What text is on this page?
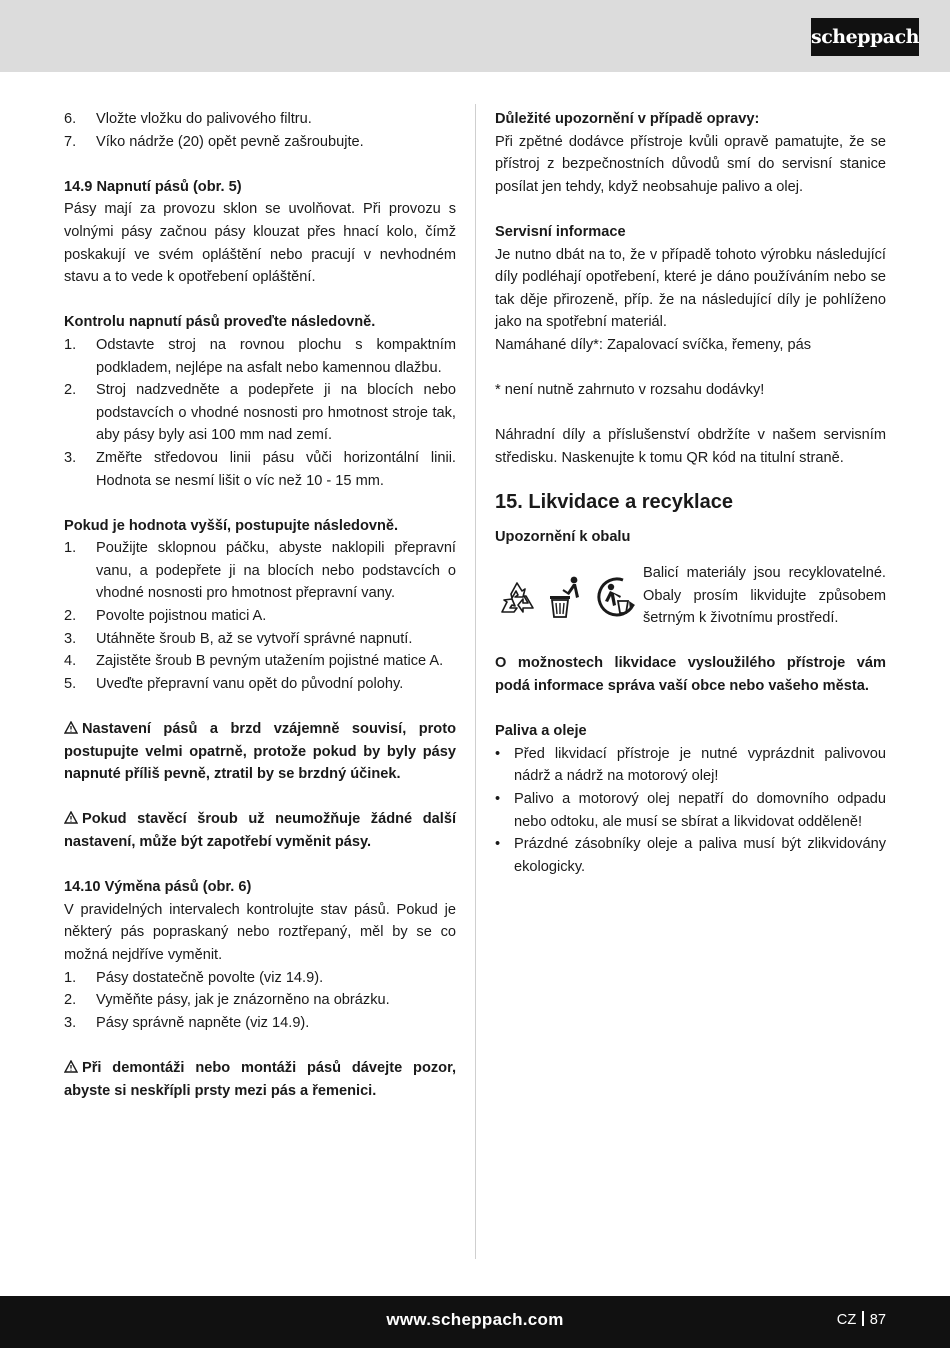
scheppach
6.	Vložte vložku do palivového filtru.
7.	Víko nádrže (20) opět pevně zašroubujte.

14.9 Napnutí pásů (obr. 5)

Pásy mají za provozu sklon se uvolňovat. Při provozu s volnými pásy začnou pásy klouzat přes hnací kolo, čímž poskakují ve svém opláštění nebo pracují v nevhodném stavu a to vede k opotřebení opláštění.

Kontrolu napnutí pásů proveďte následovně.

1.	Odstavte stroj na rovnou plochu s kompaktním podkladem, nejlépe na asfalt nebo kamennou dlažbu.
2.	Stroj nadzvedněte a podepřete ji na blocích nebo podstavcích o vhodné nosnosti pro hmotnost stroje tak, aby pásy byly asi 100 mm nad zemí.
3.	Změřte středovou linii pásu vůči horizontální linii. Hodnota se nesmí lišit o víc než 10 - 15 mm.

Pokud je hodnota vyšší, postupujte následovně.

1.	Použijte sklopnou páčku, abyste naklopili přepravní vanu, a podepřete ji na blocích nebo podstavcích o vhodné nosnosti pro hmotnost přepravní vany.
2.	Povolte pojistnou matici A.
3.	Utáhněte šroub B, až se vytvoří správné napnutí.
4.	Zajistěte šroub B pevným utažením pojistné matice A.
5.	Uveďte přepravní vanu opět do původní polohy.

Nastavení pásů a brzd vzájemně souvisí, proto postupujte velmi opatrně, protože pokud by byly pásy napnuté příliš pevně, ztratil by se brzdný účinek.

Pokud stavěcí šroub už neumožňuje žádné další nastavení, může být zapotřebí vyměnit pásy.

14.10 Výměna pásů (obr. 6)

V pravidelných intervalech kontrolujte stav pásů. Pokud je některý pás popraskaný nebo roztřepaný, měl by se co možná nejdříve vyměnit.

1.	Pásy dostatečně povolte (viz 14.9).
2.	Vyměňte pásy, jak je znázorněno na obrázku.
3.	Pásy správně napněte (viz 14.9).

Při demontáži nebo montáži pásů dávejte pozor, abyste si neskřípli prsty mezi pás a řemenici.

Důležité upozornění v případě opravy:

Při zpětné dodávce přístroje kvůli opravě pamatujte, že se přístroj z bezpečnostních důvodů smí do servisní stanice posílat jen tehdy, když neobsahuje palivo a olej.

Servisní informace

Je nutno dbát na to, že v případě tohoto výrobku následující díly podléhají opotřebení, které je dáno používáním nebo se tak děje přirozeně, příp. že na následující díly je pohlíženo jako na spotřební materiál.

Namáhané díly*: Zapalovací svíčka, řemeny, pás

* není nutně zahrnuto v rozsahu dodávky!

Náhradní díly a příslušenství obdržíte v našem servisním středisku. Naskenujte k tomu QR kód na titulní straně.

15. Likvidace a recyklace

Upozornění k obalu

Balicí materiály jsou recyklovatelné. Obaly prosím likvidujte způsobem šetrným k životnímu prostředí.

O možnostech likvidace vysloužilého přístroje vám podá informace správa vaší obce nebo vašeho města.

Paliva a oleje

• Před likvidací přístroje je nutné vyprázdnit palivovou nádrž a nádrž na motorový olej!
• Palivo a motorový olej nepatří do domovního odpadu nebo odtoku, ale musí se sbírat a likvidovat odděleně!
• Prázdné zásobníky oleje a paliva musí být zlikvidovány ekologicky.
www.scheppach.com	CZ 87
